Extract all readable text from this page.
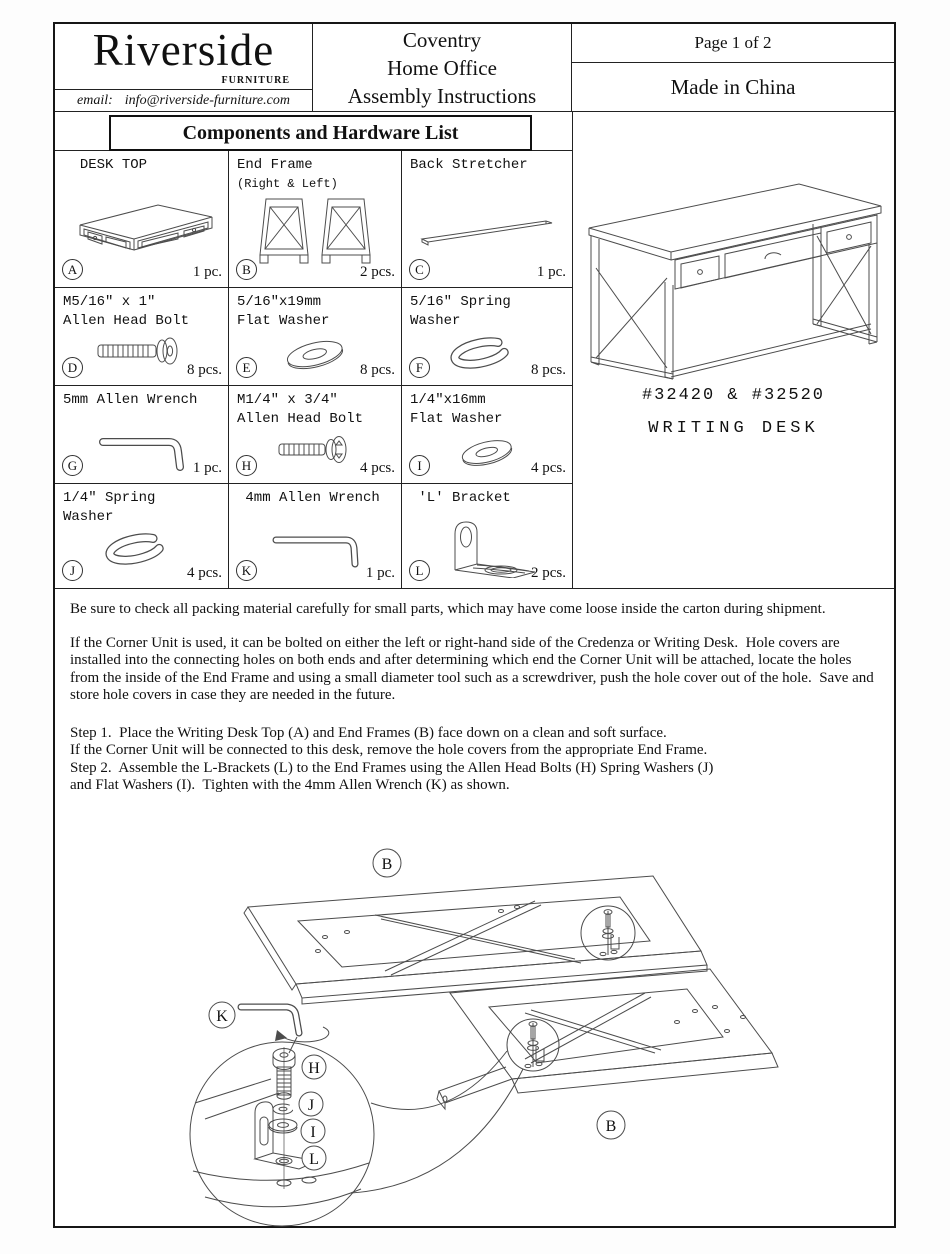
Riverside
FURNITURE
email: info@riverside-furniture.com
Coventry
Home Office
Assembly Instructions
Page 1 of 2
Made in China
Components and Hardware List
DESK TOP
A	1 pc.
End Frame
(Right & Left)
B	2 pcs.
Back Stretcher
C	1 pc.
M5/16″ x 1″
Allen Head Bolt
D	8 pcs.
5/16″x19mm
Flat Washer
E	8 pcs.
5/16″ Spring
Washer
F	8 pcs.
5mm Allen Wrench
G	1 pc.
M1/4″ x 3/4″
Allen Head Bolt
H	4 pcs.
1/4″x16mm
Flat Washer
I	4 pcs.
1/4″ Spring
Washer
J	4 pcs.
4mm Allen Wrench
K	1 pc.
'L' Bracket
L	2 pcs.
#32420 & #32520
WRITING DESK

Be sure to check all packing material carefully for small parts, which may have come loose inside the carton during shipment.

If the Corner Unit is used, it can be bolted on either the left or right-hand side of the Credenza or Writing Desk.  Hole covers are installed into the connecting holes on both ends and after determining which end the Corner Unit will be attached, locate the holes from the inside of the End Frame and using a small diameter tool such as a screwdriver, push the hole cover out of the hole.  Save and store hole covers in case they are needed in the future.

Step 1.  Place the Writing Desk Top (A) and End Frames (B) face down on a clean and soft surface.
If the Corner Unit will be connected to this desk, remove the hole covers from the appropriate End Frame.
Step 2.  Assemble the L-Brackets (L) to the End Frames using the Allen Head Bolts (H) Spring Washers (J)
and Flat Washers (I).  Tighten with the 4mm Allen Wrench (K) as shown.
B
B
K
H
J
I
L
